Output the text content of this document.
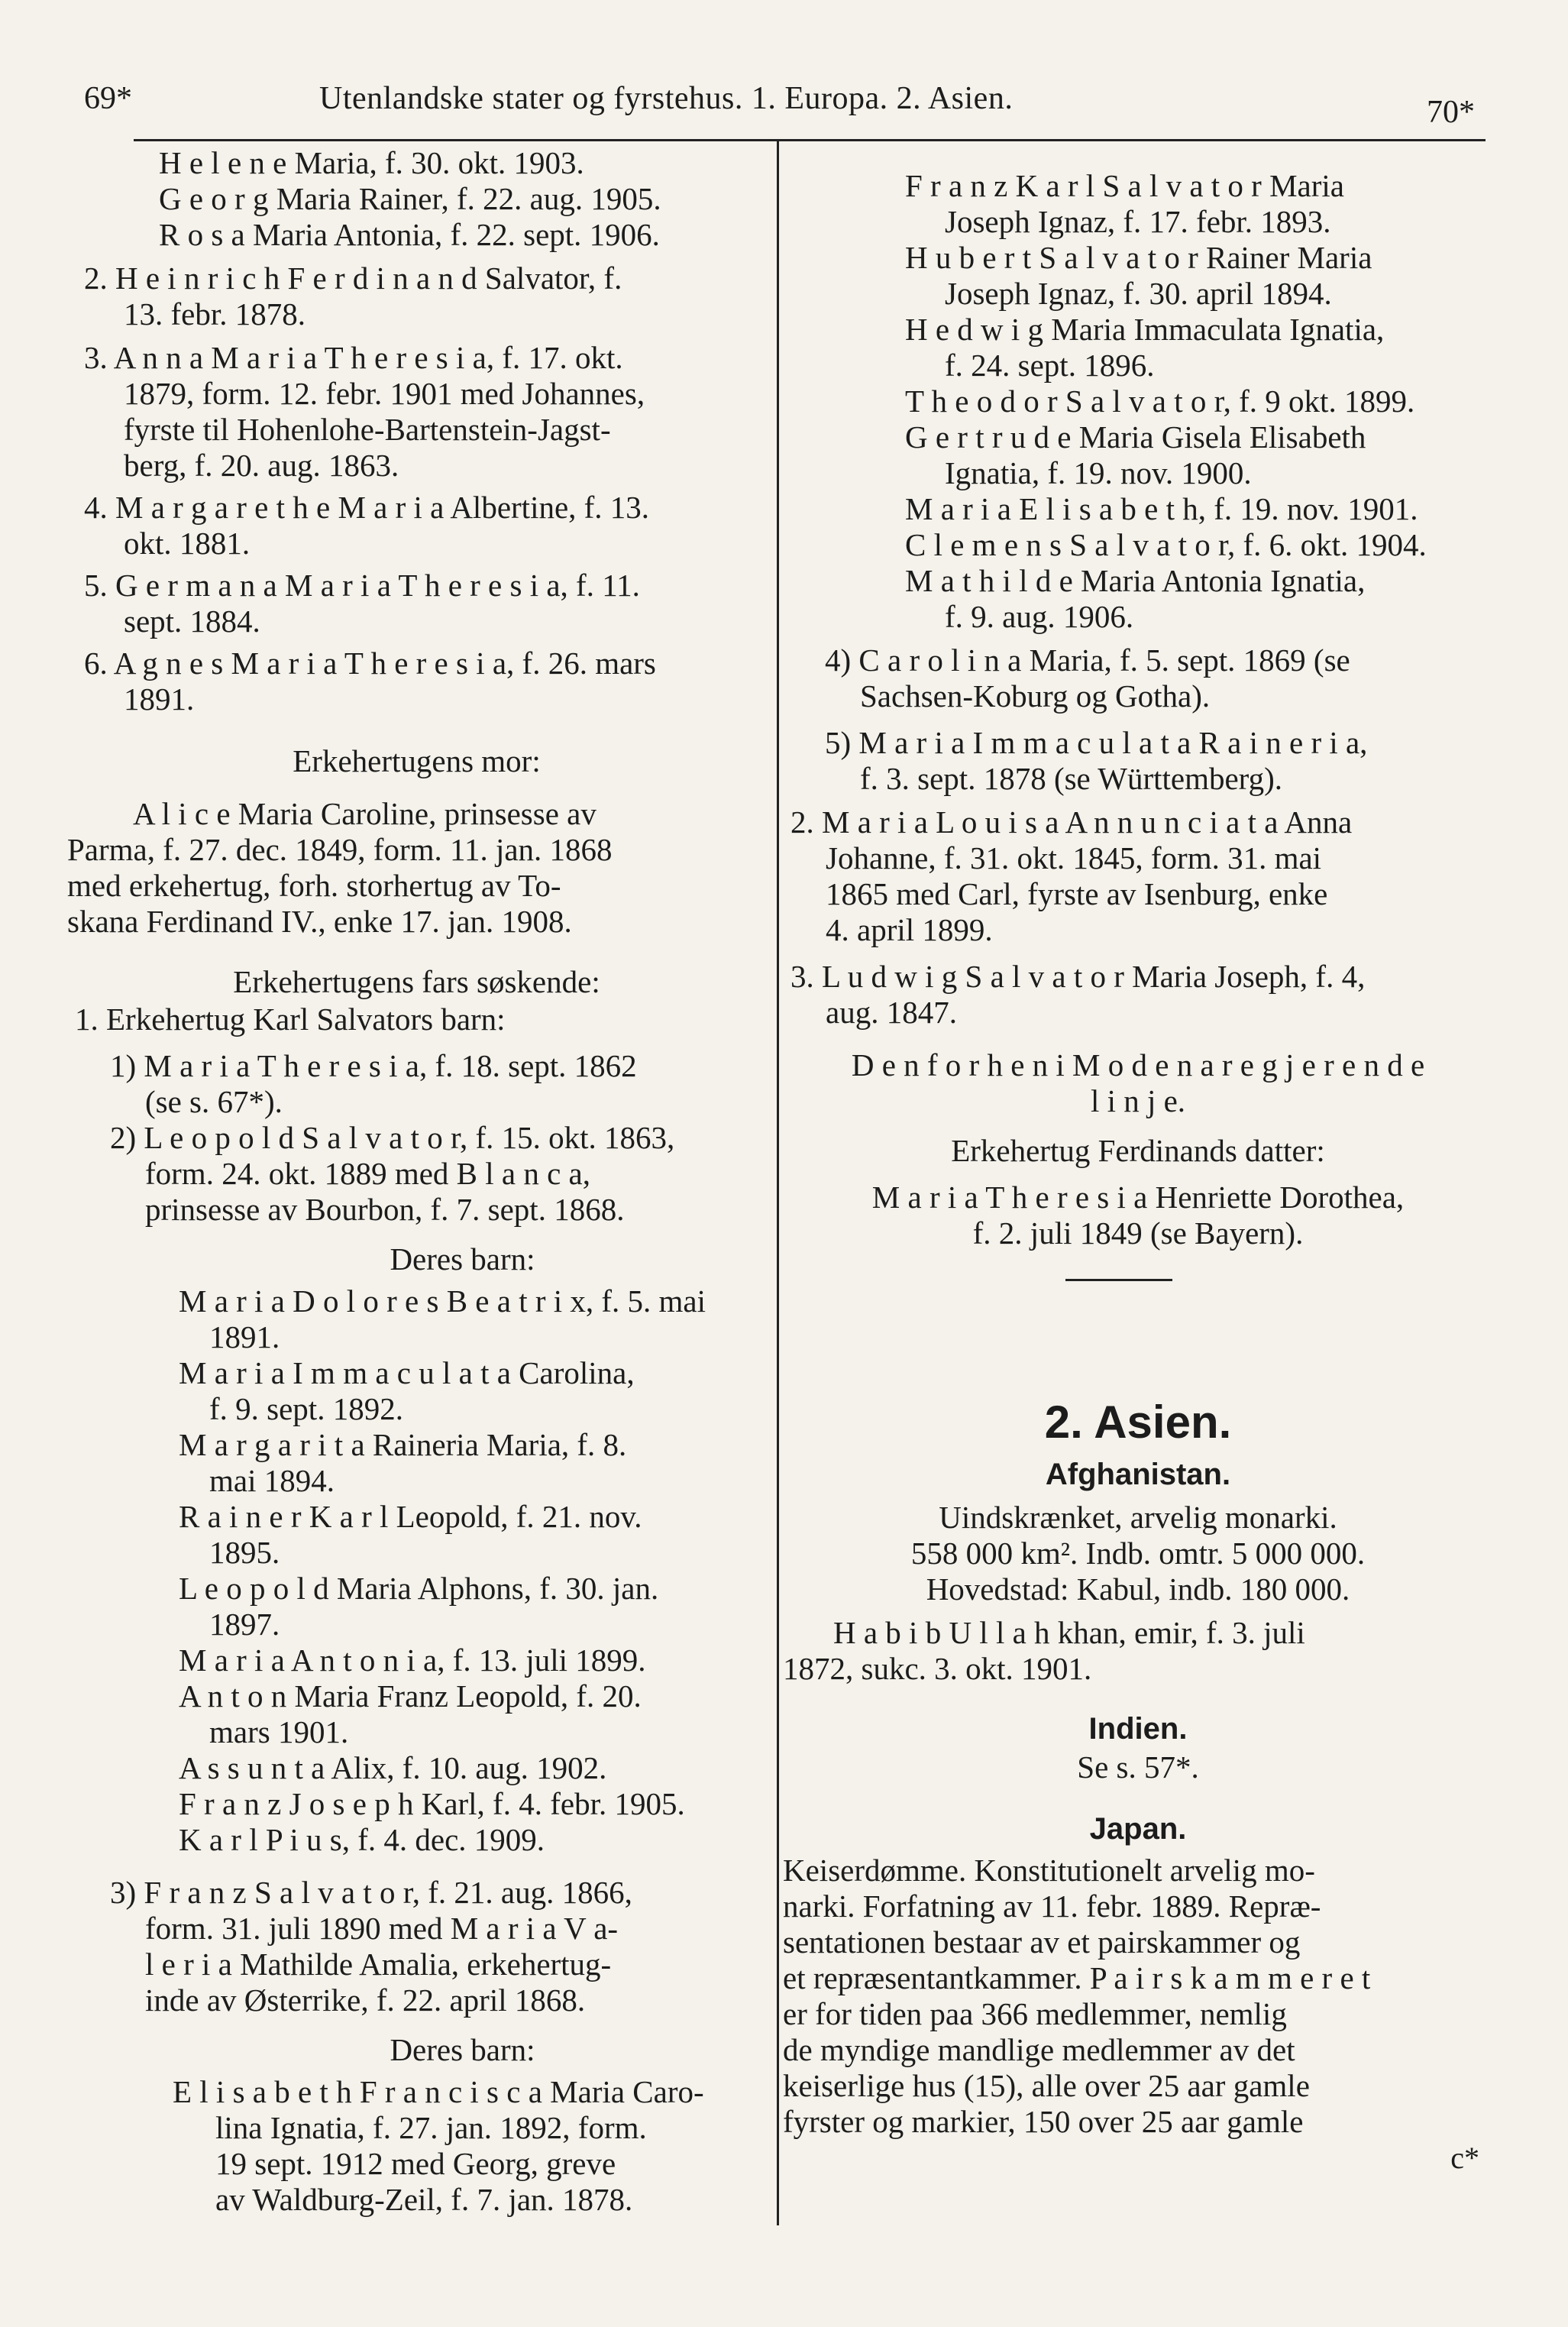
69*	Utenlandske stater og fyrstehus. 1. Europa. 2. Asien.	70*
H e l e n e Maria, f. 30. okt. 1903.
G e o r g Maria Rainer, f. 22. aug. 1905.
R o s a Maria Antonia, f. 22. sept. 1906.
2. H e i n r i c h F e r d i n a n d Salvator, f.
13. febr. 1878.
3. A n n a M a r i a T h e r e s i a, f. 17. okt.
1879, form. 12. febr. 1901 med Johannes,
fyrste til Hohenlohe-Bartenstein-Jagst-
berg, f. 20. aug. 1863.
4. M a r g a r e t h e M a r i a Albertine, f. 13.
okt. 1881.
5. G e r m a n a M a r i a T h e r e s i a, f. 11.
sept. 1884.
6. A g n e s M a r i a T h e r e s i a, f. 26. mars
1891.
Erkehertugens mor:
A l i c e Maria Caroline, prinsesse av
Parma, f. 27. dec. 1849, form. 11. jan. 1868
med erkehertug, forh. storhertug av To-
skana Ferdinand IV., enke 17. jan. 1908.
Erkehertugens fars søskende:
1. Erkehertug Karl Salvators barn:
1) M a r i a T h e r e s i a, f. 18. sept. 1862
(se s. 67*).
2) L e o p o l d S a l v a t o r, f. 15. okt. 1863,
form. 24. okt. 1889 med B l a n c a,
prinsesse av Bourbon, f. 7. sept. 1868.
Deres barn:
M a r i a D o l o r e s B e a t r i x, f. 5. mai
1891.
M a r i a I m m a c u l a t a Carolina,
f. 9. sept. 1892.
M a r g a r i t a Raineria Maria, f. 8.
mai 1894.
R a i n e r K a r l Leopold, f. 21. nov.
1895.
L e o p o l d Maria Alphons, f. 30. jan.
1897.
M a r i a A n t o n i a, f. 13. juli 1899.
A n t o n Maria Franz Leopold, f. 20.
mars 1901.
A s s u n t a Alix, f. 10. aug. 1902.
F r a n z J o s e p h Karl, f. 4. febr. 1905.
K a r l P i u s, f. 4. dec. 1909.
3) F r a n z S a l v a t o r, f. 21. aug. 1866,
form. 31. juli 1890 med M a r i a V a-
l e r i a Mathilde Amalia, erkehertug-
inde av Østerrike, f. 22. april 1868.
Deres barn:
E l i s a b e t h F r a n c i s c a Maria Caro-
lina Ignatia, f. 27. jan. 1892, form.
19 sept. 1912 med Georg, greve
av Waldburg-Zeil, f. 7. jan. 1878.
F r a n z K a r l S a l v a t o r Maria
Joseph Ignaz, f. 17. febr. 1893.
H u b e r t S a l v a t o r Rainer Maria
Joseph Ignaz, f. 30. april 1894.
H e d w i g Maria Immaculata Ignatia,
f. 24. sept. 1896.
T h e o d o r S a l v a t o r, f. 9 okt. 1899.
G e r t r u d e Maria Gisela Elisabeth
Ignatia, f. 19. nov. 1900.
M a r i a E l i s a b e t h, f. 19. nov. 1901.
C l e m e n s S a l v a t o r, f. 6. okt. 1904.
M a t h i l d e Maria Antonia Ignatia,
f. 9. aug. 1906.
4) C a r o l i n a Maria, f. 5. sept. 1869 (se
Sachsen-Koburg og Gotha).
5) M a r i a I m m a c u l a t a R a i n e r i a,
f. 3. sept. 1878 (se Württemberg).
2. M a r i a L o u i s a A n n u n c i a t a Anna
Johanne, f. 31. okt. 1845, form. 31. mai
1865 med Carl, fyrste av Isenburg, enke
4. april 1899.
3. L u d w i g S a l v a t o r Maria Joseph, f. 4,
aug. 1847.
D e n f o r h e n i M o d e n a r e g j e r e n d e
l i n j e.
Erkehertug Ferdinands datter:
M a r i a T h e r e s i a Henriette Dorothea,
f. 2. juli 1849 (se Bayern).
2. Asien.
Afghanistan.
Uindskrænket, arvelig monarki.
558 000 km². Indb. omtr. 5 000 000.
Hovedstad: Kabul, indb. 180 000.
H a b i b U l l a h khan, emir, f. 3. juli
1872, sukc. 3. okt. 1901.
Indien.
Se s. 57*.
Japan.
Keiserdømme. Konstitutionelt arvelig mo-
narki. Forfatning av 11. febr. 1889. Repræ-
sentationen bestaar av et pairskammer og
et repræsentantkammer. P a i r s k a m m e r e t
er for tiden paa 366 medlemmer, nemlig
de myndige mandlige medlemmer av det
keiserlige hus (15), alle over 25 aar gamle
fyrster og markier, 150 over 25 aar gamle
c*
